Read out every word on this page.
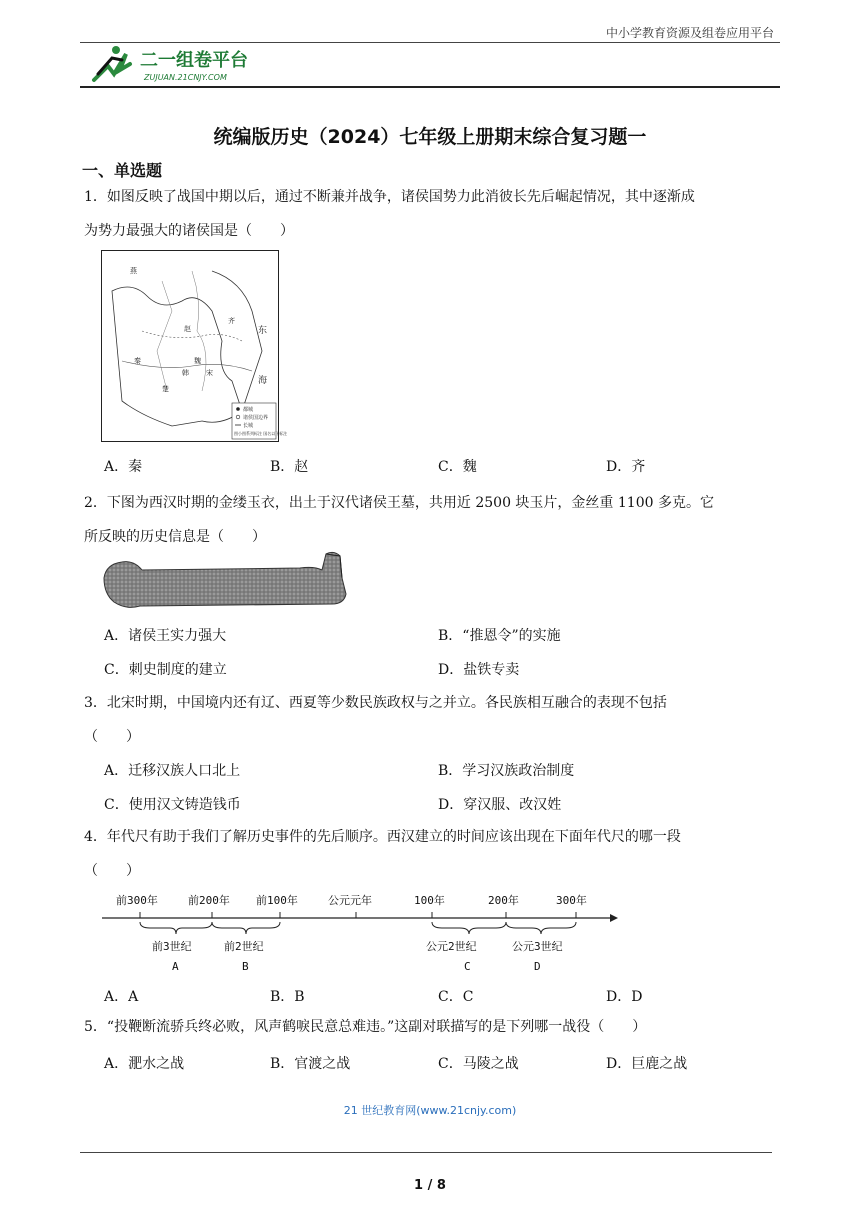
中小学教育资源及组卷应用平台
二一组卷平台
ZUJUAN.21CNJY.COM
统编版历史（2024）七年级上册期末综合复习题一
一、单选题
1．如图反映了战国中期以后，通过不断兼并战争，诸侯国势力此消彼长先后崛起情况，其中逐渐成
为势力最强大的诸侯国是（　　）
燕
赵
齐
秦	魏
楚
宋
韩
东
海
都城
诸侯国边界
长城
图小图系列标注 国名以下标注
A．秦	B．赵	C．魏	D．齐
2．下图为西汉时期的金缕玉衣，出土于汉代诸侯王墓，共用近 2500 块玉片，金丝重 1100 多克。它
所反映的历史信息是（　　）
A．诸侯王实力强大	B．“推恩令”的实施
C．刺史制度的建立	D．盐铁专卖
3．北宋时期，中国境内还有辽、西夏等少数民族政权与之并立。各民族相互融合的表现不包括
（　　）
A．迁移汉族人口北上	B．学习汉族政治制度
C．使用汉文铸造钱币	D．穿汉服、改汉姓
4．年代尺有助于我们了解历史事件的先后顺序。西汉建立的时间应该出现在下面年代尺的哪一段
（　　）
前300年	前200年 前100年	公元元年	100年	200年	300年
前3世纪
A
前2世纪
B
公元2世纪
C
公元3世纪
D
A．A	B．B	C．C	D．D
5．“投鞭断流骄兵终必败，风声鹤唳民意总难违。”这副对联描写的是下列哪一战役（　　）
A．淝水之战	B．官渡之战	C．马陵之战	D．巨鹿之战
21 世纪教育网(www.21cnjy.com)
1 / 8
